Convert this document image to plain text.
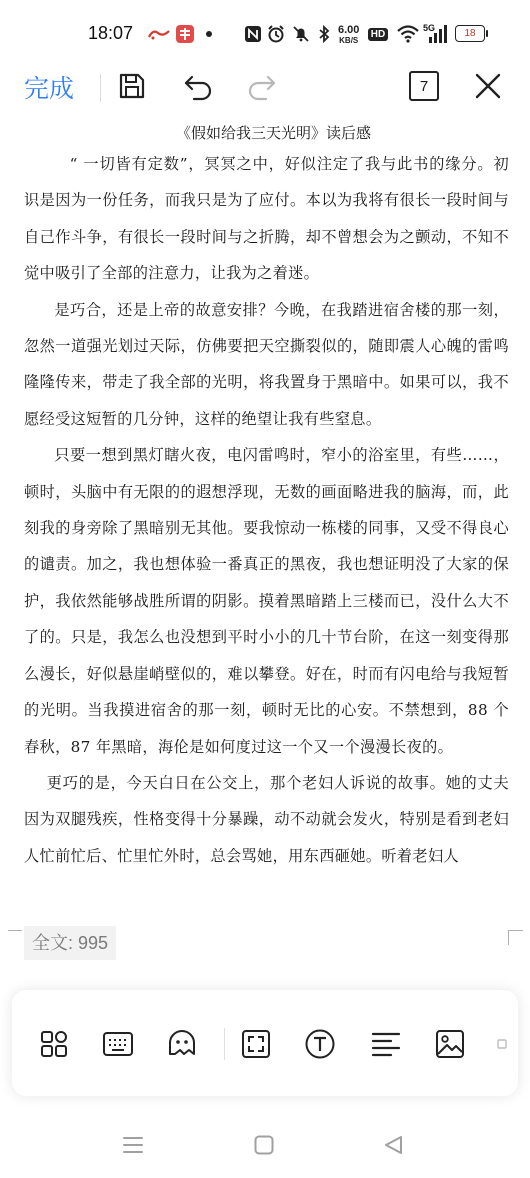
18:07	6.00
KB/S
HD
5G	18
完成	7
《假如给我三天光明》读后感

“ 一切皆有定数”，冥冥之中，好似注定了我与此书的缘分。初识是因为一份任务，而我只是为了应付。本以为我将有很长一段时间与自己作斗争，有很长一段时间与之折腾，却不曾想会为之颤动，不知不觉中吸引了全部的注意力，让我为之着迷。

是巧合，还是上帝的故意安排？今晚，在我踏进宿舍楼的那一刻，忽然一道强光划过天际，仿佛要把天空撕裂似的，随即震人心魄的雷鸣隆隆传来，带走了我全部的光明，将我置身于黑暗中。如果可以，我不愿经受这短暂的几分钟，这样的绝望让我有些窒息。

只要一想到黑灯瞎火夜，电闪雷鸣时，窄小的浴室里，有些……，顿时，头脑中有无限的的遐想浮现，无数的画面略进我的脑海，而，此刻我的身旁除了黑暗别无其他。要我惊动一栋楼的同事，又受不得良心的谴责。加之，我也想体验一番真正的黑夜，我也想证明没了大家的保护，我依然能够战胜所谓的阴影。摸着黑暗踏上三楼而已，没什么大不了的。只是，我怎么也没想到平时小小的几十节台阶，在这一刻变得那么漫长，好似悬崖峭壁似的，难以攀登。好在，时而有闪电给与我短暂的光明。当我摸进宿舍的那一刻，顿时无比的心安。不禁想到，88 个春秋，87 年黑暗，海伦是如何度过这一个又一个漫漫长夜的。

更巧的是，今天白日在公交上，那个老妇人诉说的故事。她的丈夫因为双腿残疾，性格变得十分暴躁，动不动就会发火，特别是看到老妇人忙前忙后、忙里忙外时，总会骂她，用东西砸她。听着老妇人

全文: 995
